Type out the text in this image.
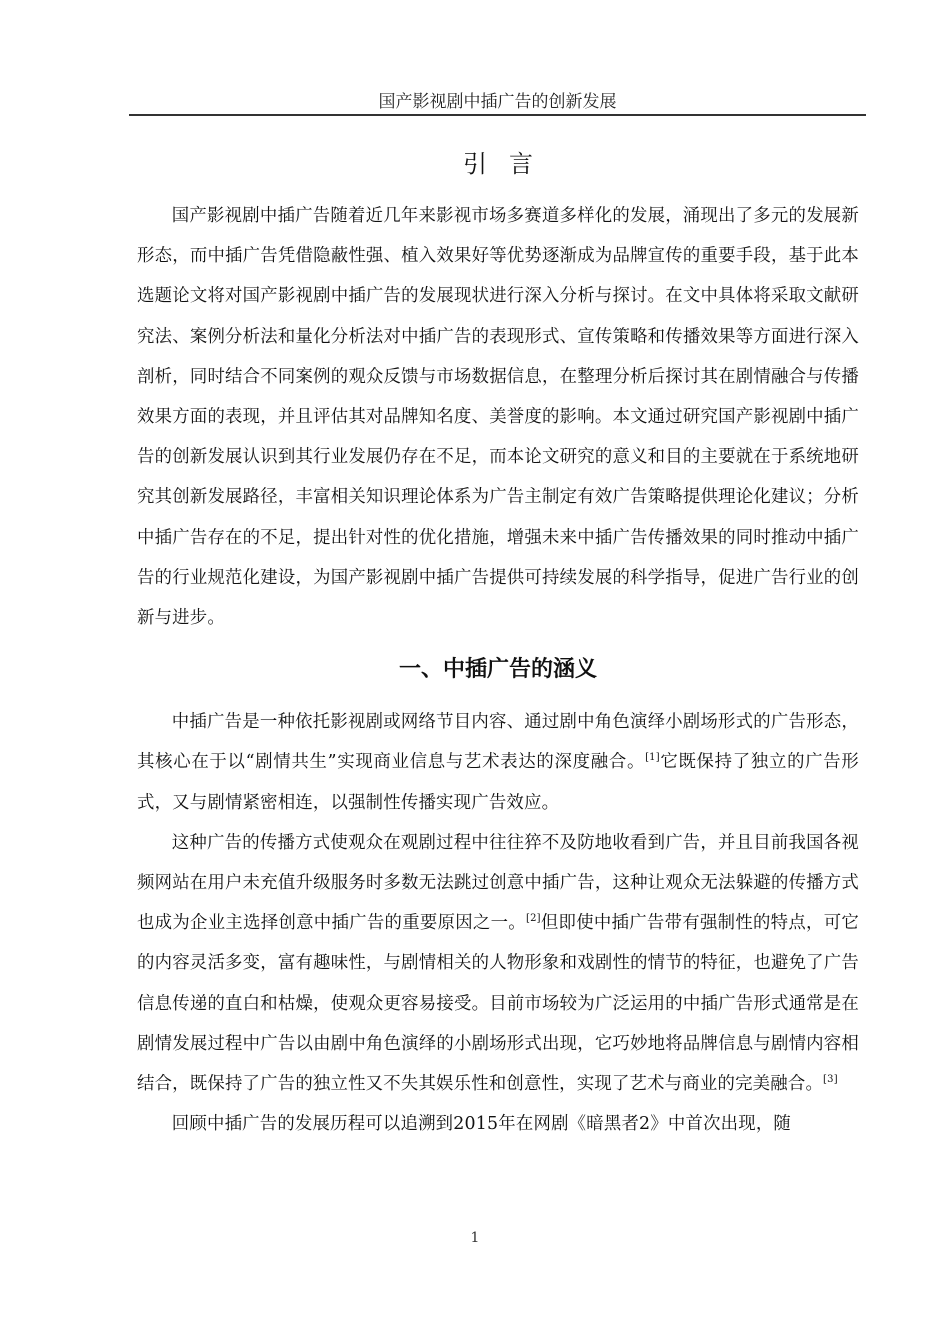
国产影视剧中插广告的创新发展
引言

国产影视剧中插广告随着近几年来影视市场多赛道多样化的发展，涌现出了多元的发展新形态，而中插广告凭借隐蔽性强、植入效果好等优势逐渐成为品牌宣传的重要手段，基于此本选题论文将对国产影视剧中插广告的发展现状进行深入分析与探讨。在文中具体将采取文献研究法、案例分析法和量化分析法对中插广告的表现形式、宣传策略和传播效果等方面进行深入剖析，同时结合不同案例的观众反馈与市场数据信息，在整理分析后探讨其在剧情融合与传播效果方面的表现，并且评估其对品牌知名度、美誉度的影响。本文通过研究国产影视剧中插广告的创新发展认识到其行业发展仍存在不足，而本论文研究的意义和目的主要就在于系统地研究其创新发展路径，丰富相关知识理论体系为广告主制定有效广告策略提供理论化建议；分析中插广告存在的不足，提出针对性的优化措施，增强未来中插广告传播效果的同时推动中插广告的行业规范化建设，为国产影视剧中插广告提供可持续发展的科学指导，促进广告行业的创新与进步。

一、中插广告的涵义

中插广告是一种依托影视剧或网络节目内容、通过剧中角色演绎小剧场形式的广告形态，其核心在于以“剧情共生”实现商业信息与艺术表达的深度融合。[1]它既保持了独立的广告形式，又与剧情紧密相连，以强制性传播实现广告效应。

这种广告的传播方式使观众在观剧过程中往往猝不及防地收看到广告，并且目前我国各视频网站在用户未充值升级服务时多数无法跳过创意中插广告，这种让观众无法躲避的传播方式也成为企业主选择创意中插广告的重要原因之一。[2]但即使中插广告带有强制性的特点，可它的内容灵活多变，富有趣味性，与剧情相关的人物形象和戏剧性的情节的特征，也避免了广告信息传递的直白和枯燥，使观众更容易接受。目前市场较为广泛运用的中插广告形式通常是在剧情发展过程中广告以由剧中角色演绎的小剧场形式出现，它巧妙地将品牌信息与剧情内容相结合，既保持了广告的独立性又不失其娱乐性和创意性，实现了艺术与商业的完美融合。[3]

回顾中插广告的发展历程可以追溯到2015年在网剧《暗黑者2》中首次出现，随

1
